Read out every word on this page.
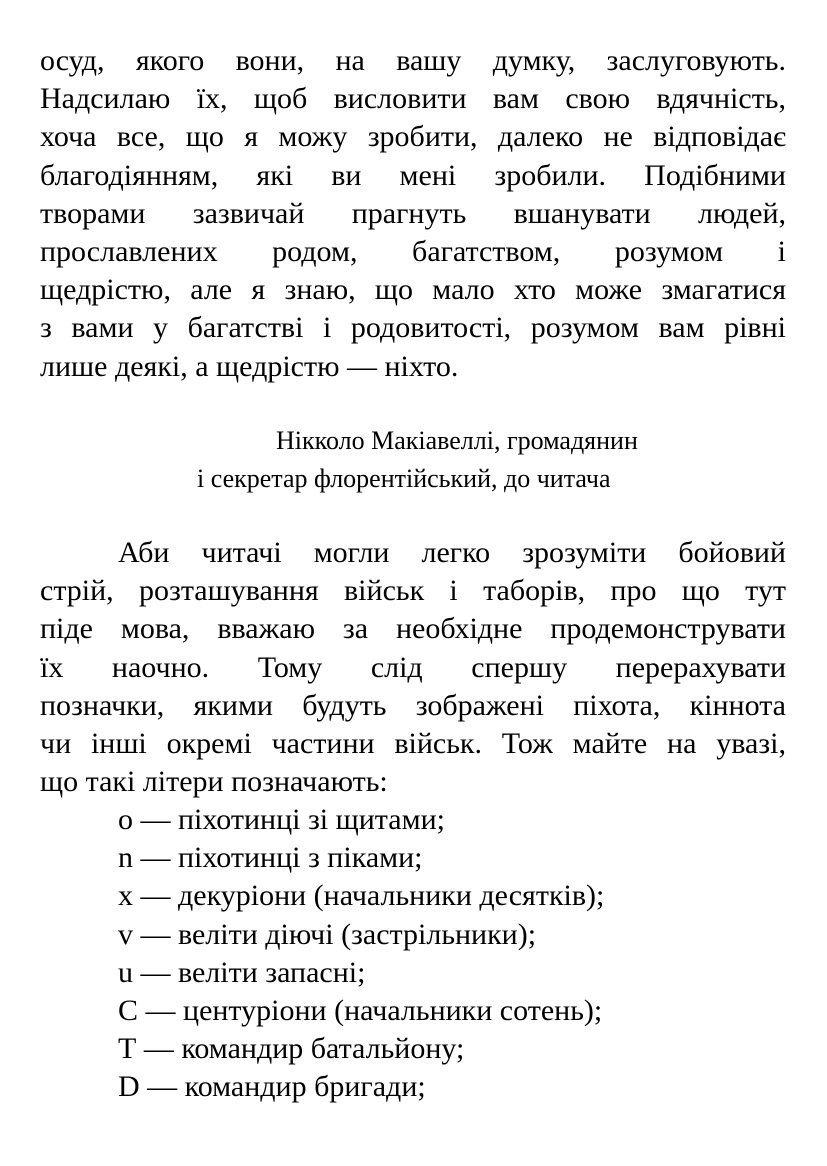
осуд, якого вони, на вашу думку, заслуговують.
Надсилаю їх, щоб висловити вам свою вдячність,
хоча все, що я можу зробити, далеко не відповідає
благодіянням, які ви мені зробили. Подібними
творами зазвичай прагнуть вшанувати людей,
прославлених родом, багатством, розумом і
щедрістю, але я знаю, що мало хто може змагатися
з вами у багатстві і родовитості, розумом вам рівні
лише деякі, а щедрістю — ніхто.
Нікколо Макіавеллі, громадянин
і секретар флорентійський, до читача
Аби читачі могли легко зрозуміти бойовий
стрій, розташування військ і таборів, про що тут
піде мова, вважаю за необхідне продемонструвати
їх наочно. Тому слід спершу перерахувати
позначки, якими будуть зображені піхота, кіннота
чи інші окремі частини військ. Тож майте на увазі,
що такі літери позначають:
о — піхотинці зі щитами;
n — піхотинці з піками;
х — декуріони (начальники десятків);
v — веліти діючі (застрільники);
u — веліти запасні;
С — центуріони (начальники сотень);
Т — командир батальйону;
D — командир бригади;
